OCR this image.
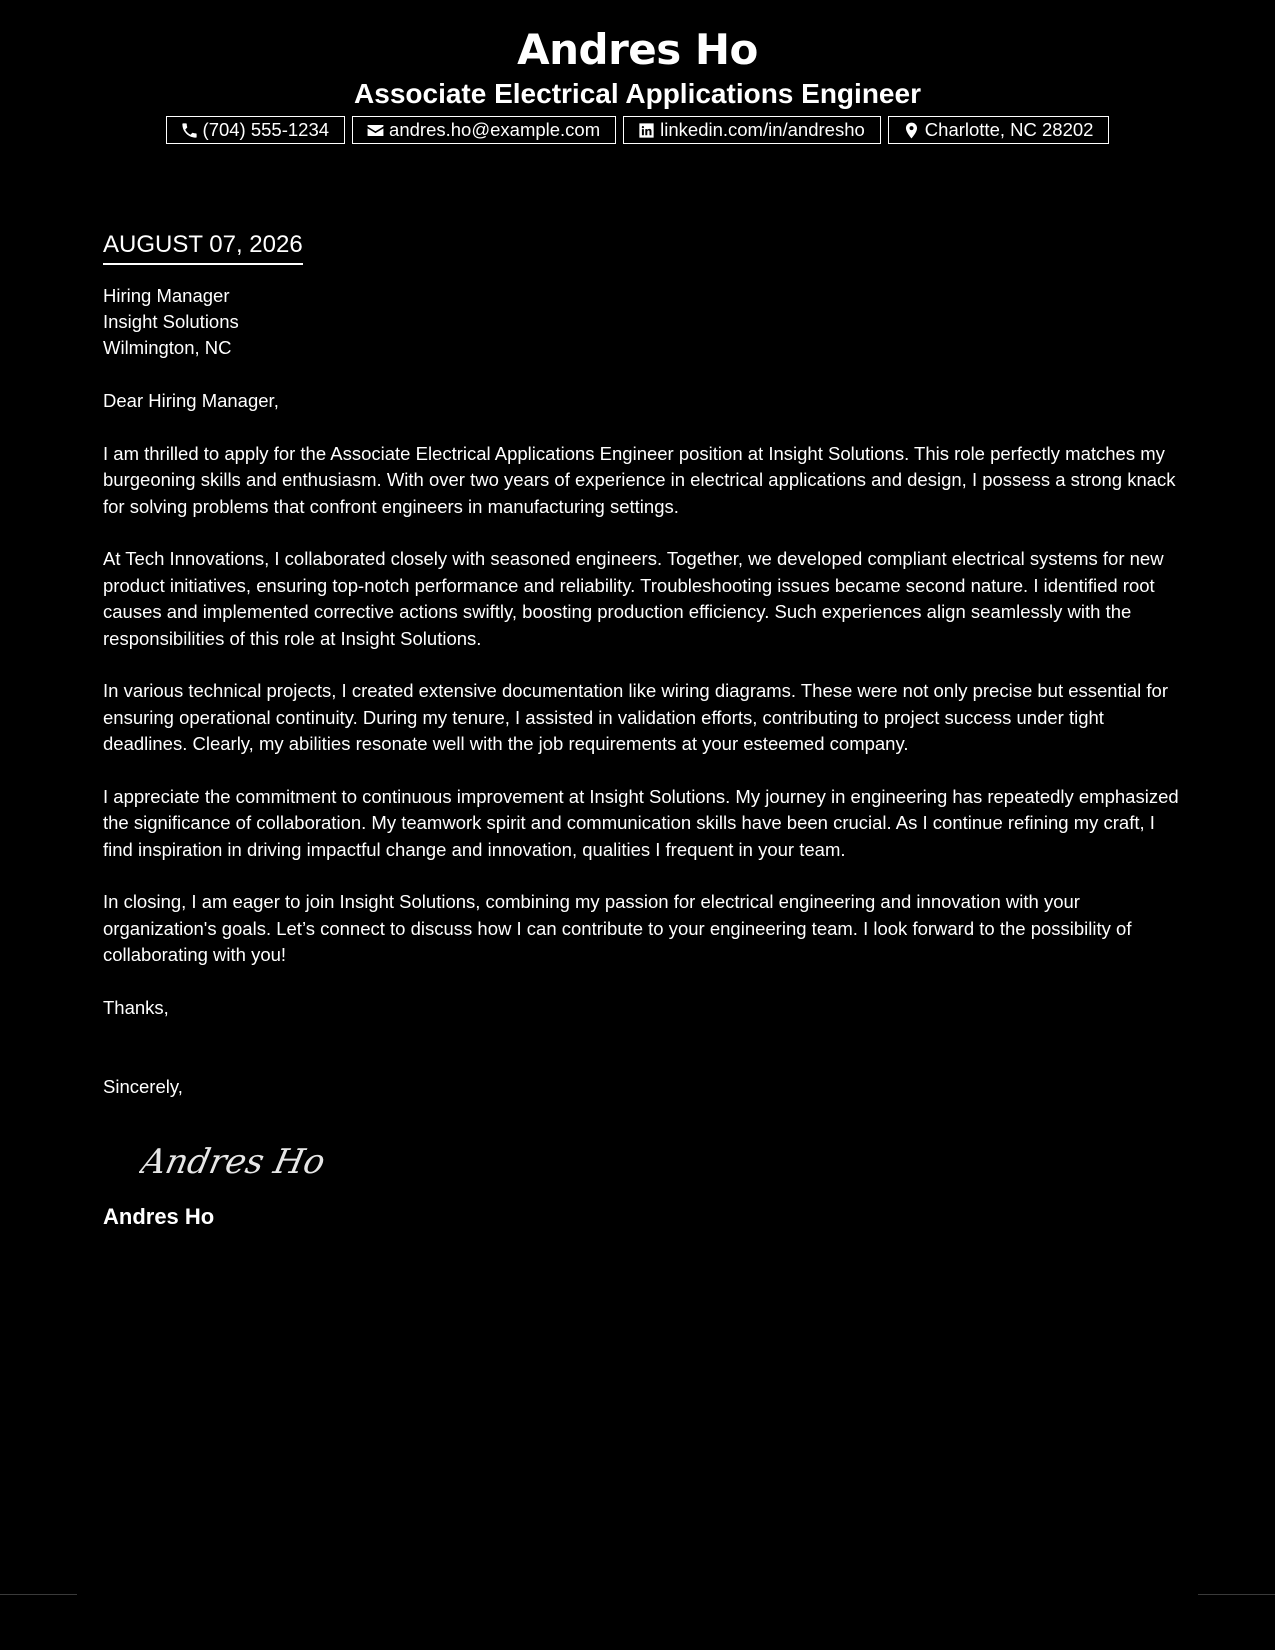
Andres Ho
Associate Electrical Applications Engineer
(704) 555-1234	andres.ho@example.com	linkedin.com/in/andresho	Charlotte, NC 28202
AUGUST 07, 2026
Hiring Manager
Insight Solutions
Wilmington, NC
Dear Hiring Manager,

I am thrilled to apply for the Associate Electrical Applications Engineer position at Insight Solutions. This role perfectly matches my burgeoning skills and enthusiasm. With over two years of experience in electrical applications and design, I possess a strong knack for solving problems that confront engineers in manufacturing settings.

At Tech Innovations, I collaborated closely with seasoned engineers. Together, we developed compliant electrical systems for new product initiatives, ensuring top-notch performance and reliability. Troubleshooting issues became second nature. I identified root causes and implemented corrective actions swiftly, boosting production efficiency. Such experiences align seamlessly with the responsibilities of this role at Insight Solutions.

In various technical projects, I created extensive documentation like wiring diagrams. These were not only precise but essential for ensuring operational continuity. During my tenure, I assisted in validation efforts, contributing to project success under tight deadlines. Clearly, my abilities resonate well with the job requirements at your esteemed company.

I appreciate the commitment to continuous improvement at Insight Solutions. My journey in engineering has repeatedly emphasized the significance of collaboration. My teamwork spirit and communication skills have been crucial. As I continue refining my craft, I find inspiration in driving impactful change and innovation, qualities I frequent in your team.

In closing, I am eager to join Insight Solutions, combining my passion for electrical engineering and innovation with your organization's goals. Let’s connect to discuss how I can contribute to your engineering team. I look forward to the possibility of collaborating with you!

Thanks,
Sincerely,
Andres Ho
Andres Ho
